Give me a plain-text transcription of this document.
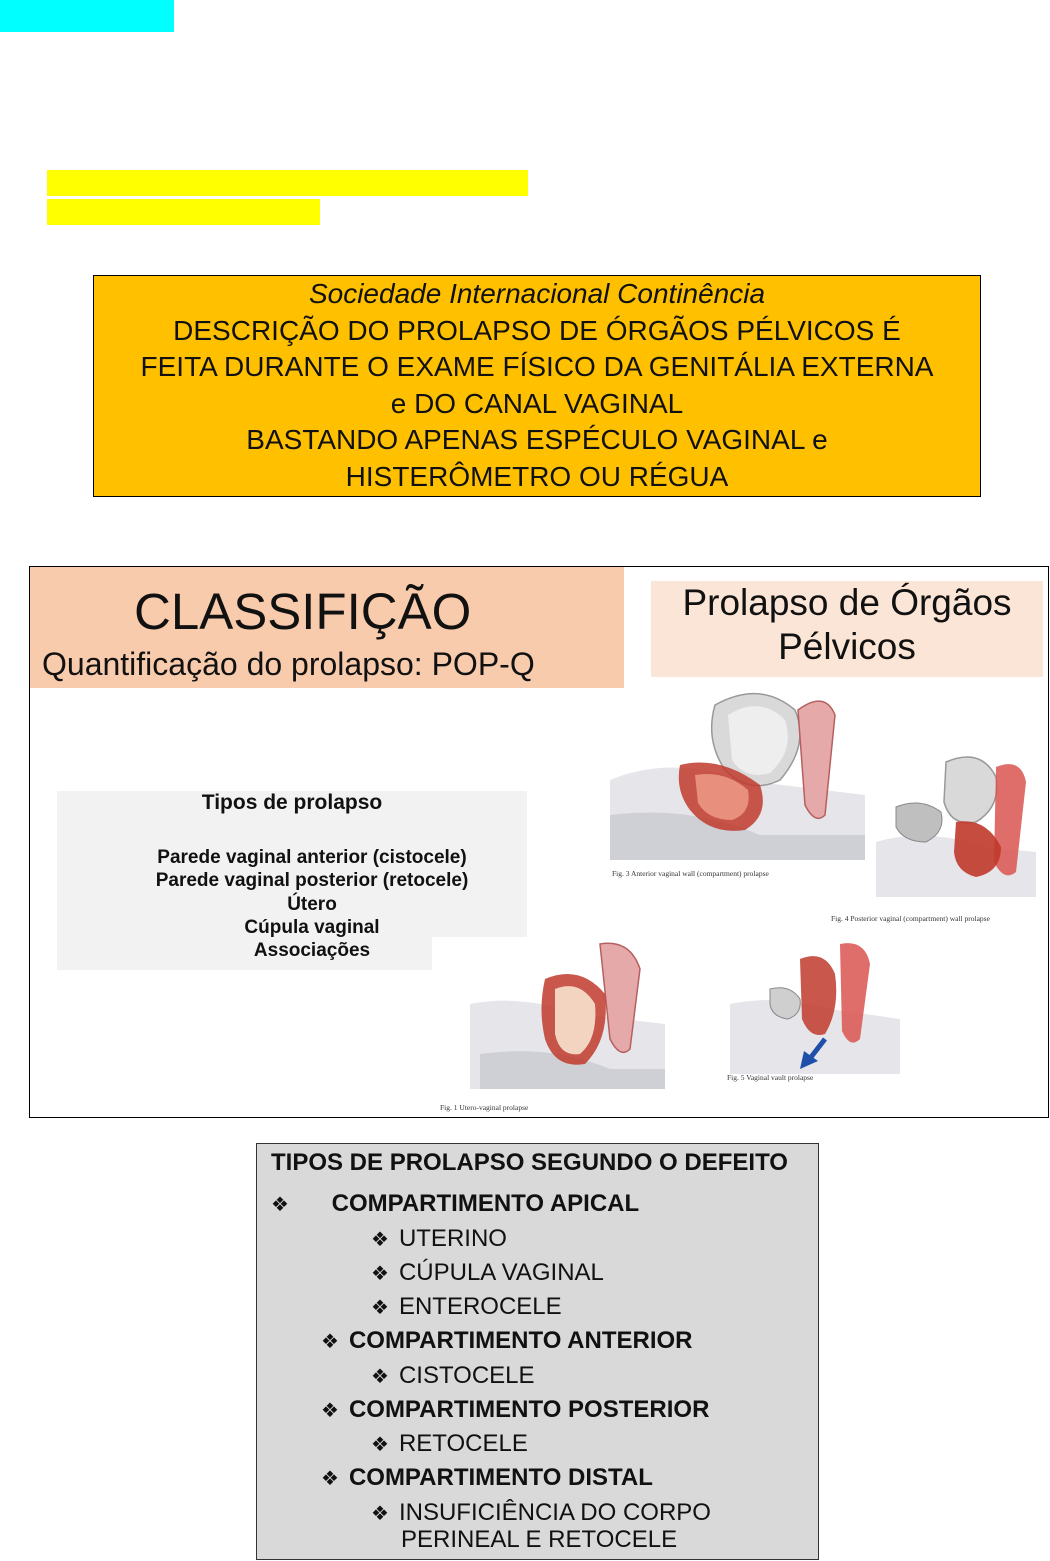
Sociedade Internacional Continência
DESCRIÇÃO DO PROLAPSO DE ÓRGÃOS PÉLVICOS É
FEITA DURANTE O EXAME FÍSICO DA GENITÁLIA EXTERNA
e DO CANAL VAGINAL
BASTANDO APENAS ESPÉCULO VAGINAL e
HISTERÔMETRO OU RÉGUA
CLASSIFIÇÃO
Quantificação do prolapso: POP-Q
Prolapso de Órgãos
Pélvicos
Tipos de prolapso
Parede vaginal anterior (cistocele)
Parede vaginal posterior (retocele)
Útero
Cúpula vaginal
Associações
Fig. 3 Anterior vaginal wall (compartment) prolapse
Fig. 4 Posterior vaginal (compartment) wall prolapse
Fig. 1 Utero-vaginal prolapse
Fig. 5 Vaginal vault prolapse
TIPOS DE PROLAPSO SEGUNDO O DEFEITO
❖ COMPARTIMENTO APICAL
❖ UTERINO
❖ CÚPULA VAGINAL
❖ ENTEROCELE
❖ COMPARTIMENTO ANTERIOR
❖ CISTOCELE
❖ COMPARTIMENTO POSTERIOR
❖ RETOCELE
❖ COMPARTIMENTO DISTAL
❖ INSUFICIÊNCIA DO CORPO
PERINEAL E RETOCELE
